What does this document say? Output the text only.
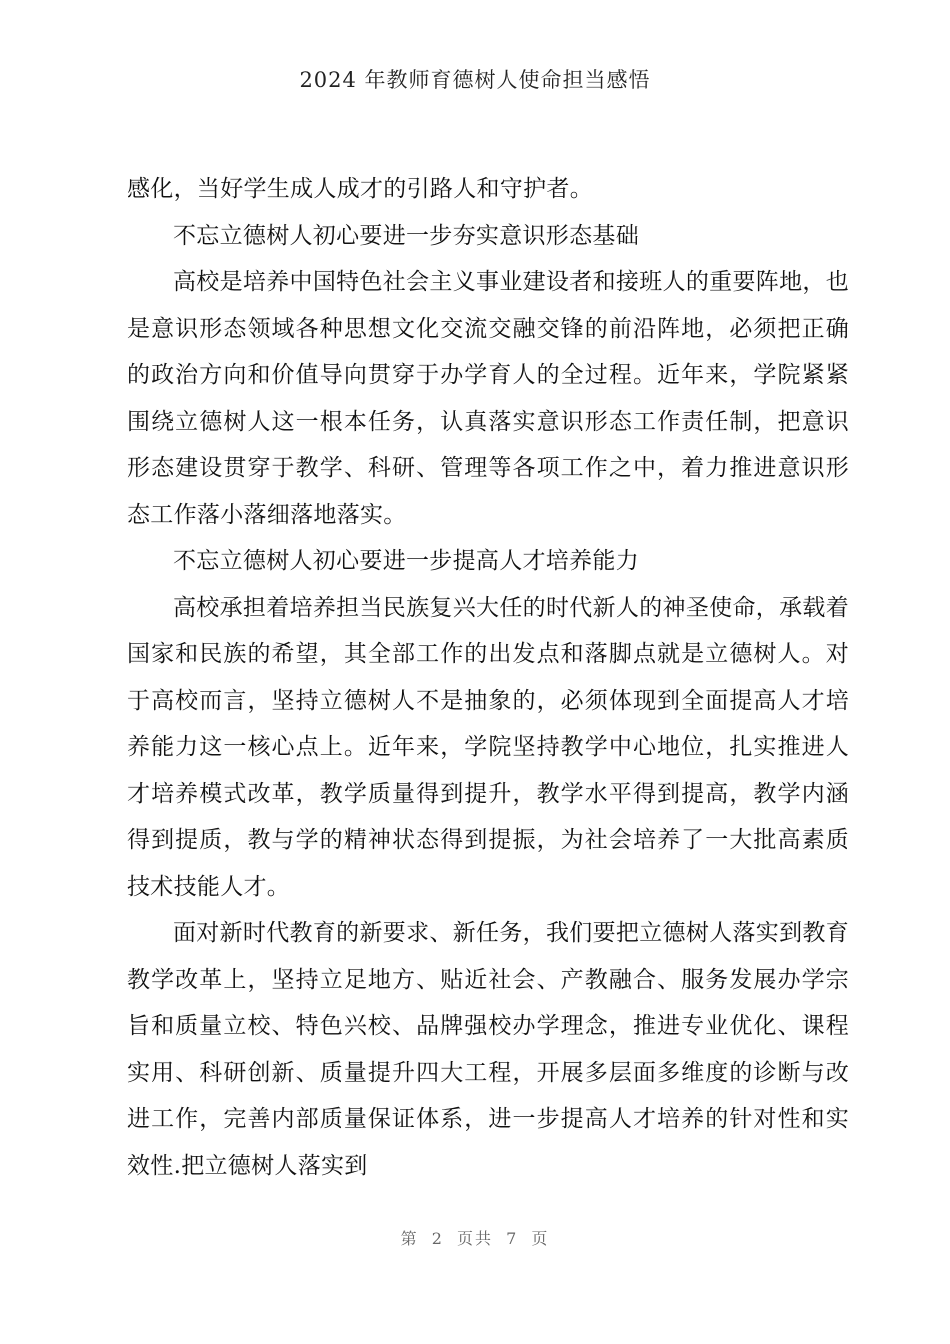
2024 年教师育德树人使命担当感悟

感化，当好学生成人成才的引路人和守护者。

不忘立德树人初心要进一步夯实意识形态基础

高校是培养中国特色社会主义事业建设者和接班人的重要阵地，也是意识形态领域各种思想文化交流交融交锋的前沿阵地，必须把正确的政治方向和价值导向贯穿于办学育人的全过程。近年来，学院紧紧围绕立德树人这一根本任务，认真落实意识形态工作责任制，把意识形态建设贯穿于教学、科研、管理等各项工作之中，着力推进意识形态工作落小落细落地落实。

不忘立德树人初心要进一步提高人才培养能力

高校承担着培养担当民族复兴大任的时代新人的神圣使命，承载着国家和民族的希望，其全部工作的出发点和落脚点就是立德树人。对于高校而言，坚持立德树人不是抽象的，必须体现到全面提高人才培养能力这一核心点上。近年来，学院坚持教学中心地位，扎实推进人才培养模式改革，教学质量得到提升，教学水平得到提高，教学内涵得到提质，教与学的精神状态得到提振，为社会培养了一大批高素质技术技能人才。

面对新时代教育的新要求、新任务，我们要把立德树人落实到教育教学改革上，坚持立足地方、贴近社会、产教融合、服务发展办学宗旨和质量立校、特色兴校、品牌强校办学理念，推进专业优化、课程实用、科研创新、质量提升四大工程，开展多层面多维度的诊断与改进工作，完善内部质量保证体系，进一步提高人才培养的针对性和实效性.把立德树人落实到

第 2 页共 7 页
